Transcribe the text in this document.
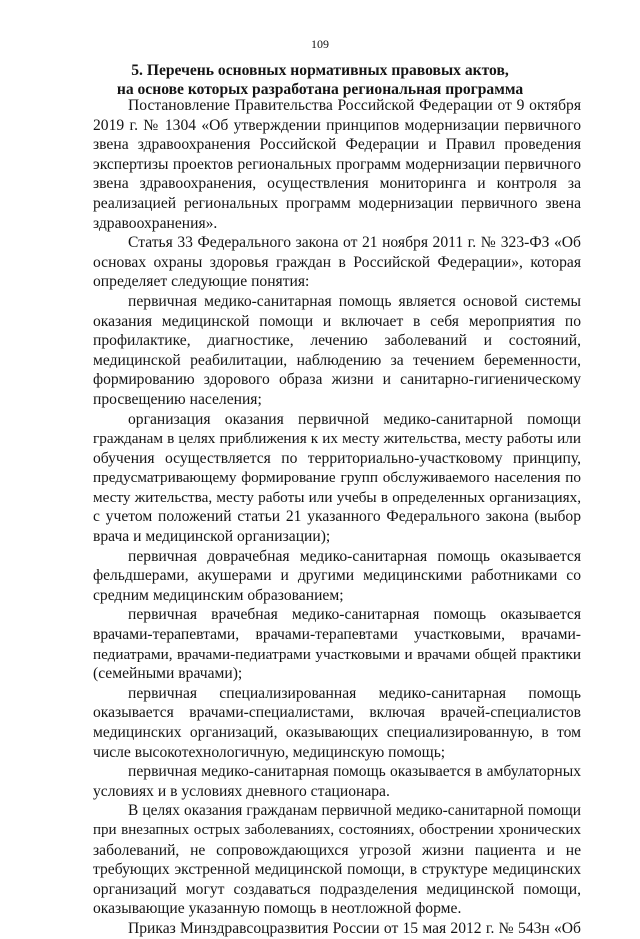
109
5. Перечень основных нормативных правовых актов,
на основе которых разработана региональная программа
Постановление Правительства Российской Федерации от 9 октября
2019 г. № 1304 «Об утверждении принципов модернизации первичного
звена здравоохранения Российской Федерации и Правил проведения
экспертизы проектов региональных программ модернизации первичного
звена здравоохранения, осуществления мониторинга и контроля за
реализацией региональных программ модернизации первичного звена
здравоохранения».
Статья 33 Федерального закона от 21 ноября 2011 г. № 323-ФЗ «Об
основах охраны здоровья граждан в Российской Федерации», которая
определяет следующие понятия:
первичная медико-санитарная помощь является основой системы
оказания медицинской помощи и включает в себя мероприятия по
профилактике, диагностике, лечению заболеваний и состояний,
медицинской реабилитации, наблюдению за течением беременности,
формированию здорового образа жизни и санитарно-гигиеническому
просвещению населения;
организация оказания первичной медико-санитарной помощи
гражданам в целях приближения к их месту жительства, месту работы или
обучения осуществляется по территориально-участковому принципу,
предусматривающему формирование групп обслуживаемого населения по
месту жительства, месту работы или учебы в определенных организациях,
с учетом положений статьи 21 указанного Федерального закона (выбор
врача и медицинской организации);
первичная доврачебная медико-санитарная помощь оказывается
фельдшерами, акушерами и другими медицинскими работниками со
средним медицинским образованием;
первичная врачебная медико-санитарная помощь оказывается
врачами-терапевтами, врачами-терапевтами участковыми, врачами-
педиатрами, врачами-педиатрами участковыми и врачами общей практики
(семейными врачами);
первичная специализированная медико-санитарная помощь
оказывается врачами-специалистами, включая врачей-специалистов
медицинских организаций, оказывающих специализированную, в том
числе высокотехнологичную, медицинскую помощь;
первичная медико-санитарная помощь оказывается в амбулаторных
условиях и в условиях дневного стационара.
В целях оказания гражданам первичной медико-санитарной помощи
при внезапных острых заболеваниях, состояниях, обострении хронических
заболеваний, не сопровождающихся угрозой жизни пациента и не
требующих экстренной медицинской помощи, в структуре медицинских
организаций могут создаваться подразделения медицинской помощи,
оказывающие указанную помощь в неотложной форме.
Приказ Минздравсоцразвития России от 15 мая 2012 г. № 543н «Об
